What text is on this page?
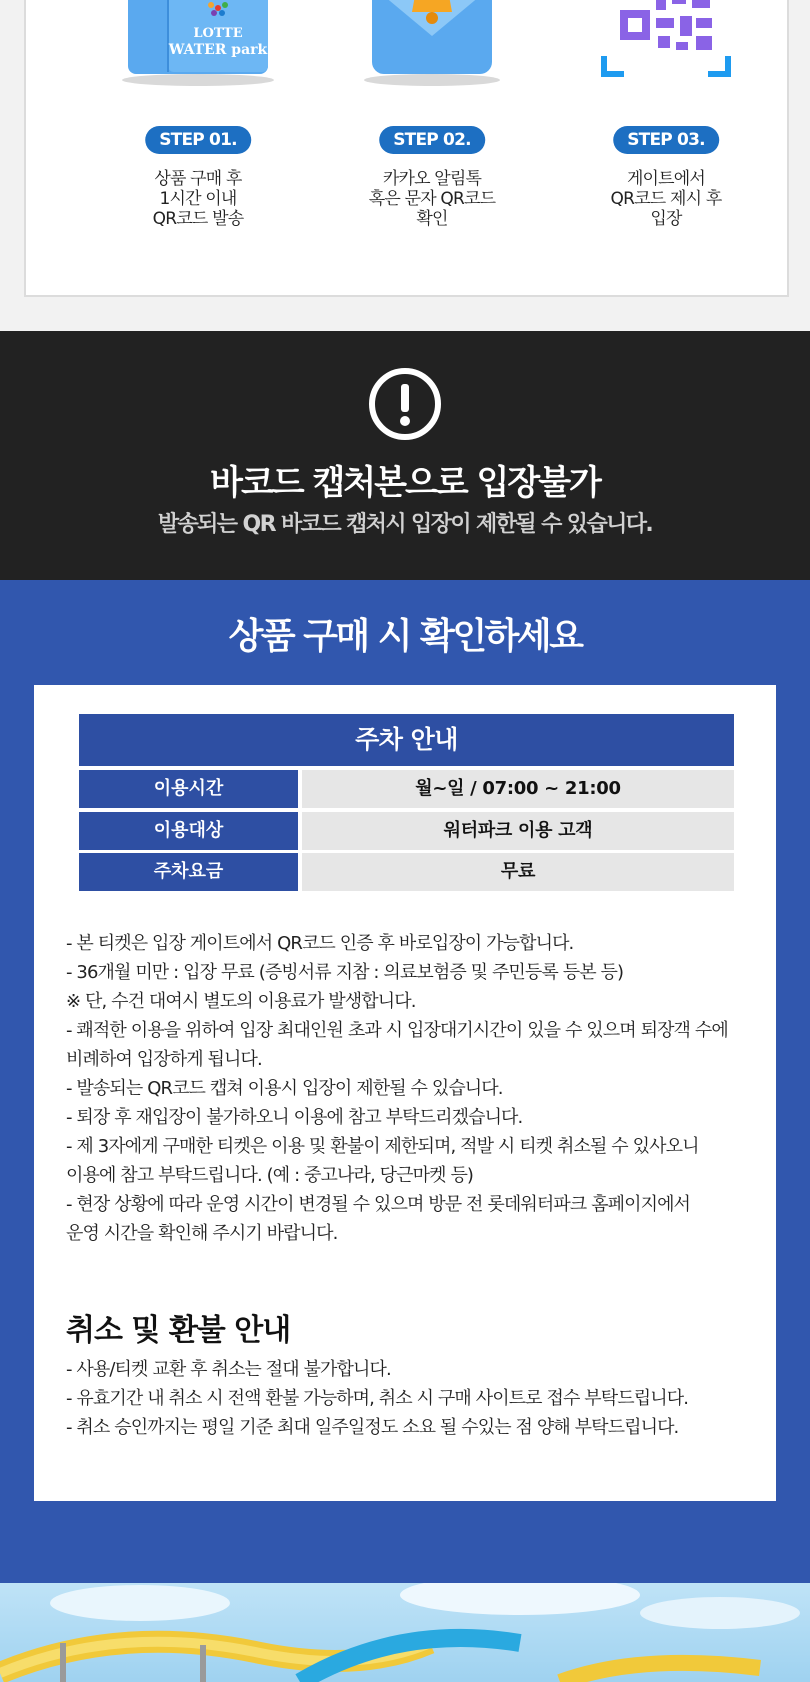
LOTTE
WATER park
STEP 01.
상품 구매 후
1시간 이내
QR코드 발송
STEP 02.
카카오 알림톡
혹은 문자 QR코드
확인
STEP 03.
게이트에서
QR코드 제시 후
입장
바코드 캡처본으로 입장불가
발송되는 QR 바코드 캡처시 입장이 제한될 수 있습니다.
상품 구매 시 확인하세요
주차 안내
이용시간	월~일 / 07:00 ~ 21:00
이용대상	워터파크 이용 고객
주차요금	무료
- 본 티켓은 입장 게이트에서 QR코드 인증 후 바로입장이 가능합니다.
- 36개월 미만 : 입장 무료 (증빙서류 지참 : 의료보험증 및 주민등록 등본 등)
※ 단, 수건 대여시 별도의 이용료가 발생합니다.
- 쾌적한 이용을 위하여 입장 최대인원 초과 시 입장대기시간이 있을 수 있으며 퇴장객 수에
비례하여 입장하게 됩니다.
- 발송되는 QR코드 캡쳐 이용시 입장이 제한될 수 있습니다.
- 퇴장 후 재입장이 불가하오니 이용에 참고 부탁드리겠습니다.
- 제 3자에게 구매한 티켓은 이용 및 환불이 제한되며, 적발 시 티켓 취소될 수 있사오니
이용에 참고 부탁드립니다. (예 : 중고나라, 당근마켓 등)
- 현장 상황에 따라 운영 시간이 변경될 수 있으며 방문 전 롯데워터파크 홈페이지에서
운영 시간을 확인해 주시기 바랍니다.
취소 및 환불 안내
- 사용/티켓 교환 후 취소는 절대 불가합니다.
- 유효기간 내 취소 시 전액 환불 가능하며, 취소 시 구매 사이트로 접수 부탁드립니다.
- 취소 승인까지는 평일 기준 최대 일주일정도 소요 될 수있는 점 양해 부탁드립니다.
